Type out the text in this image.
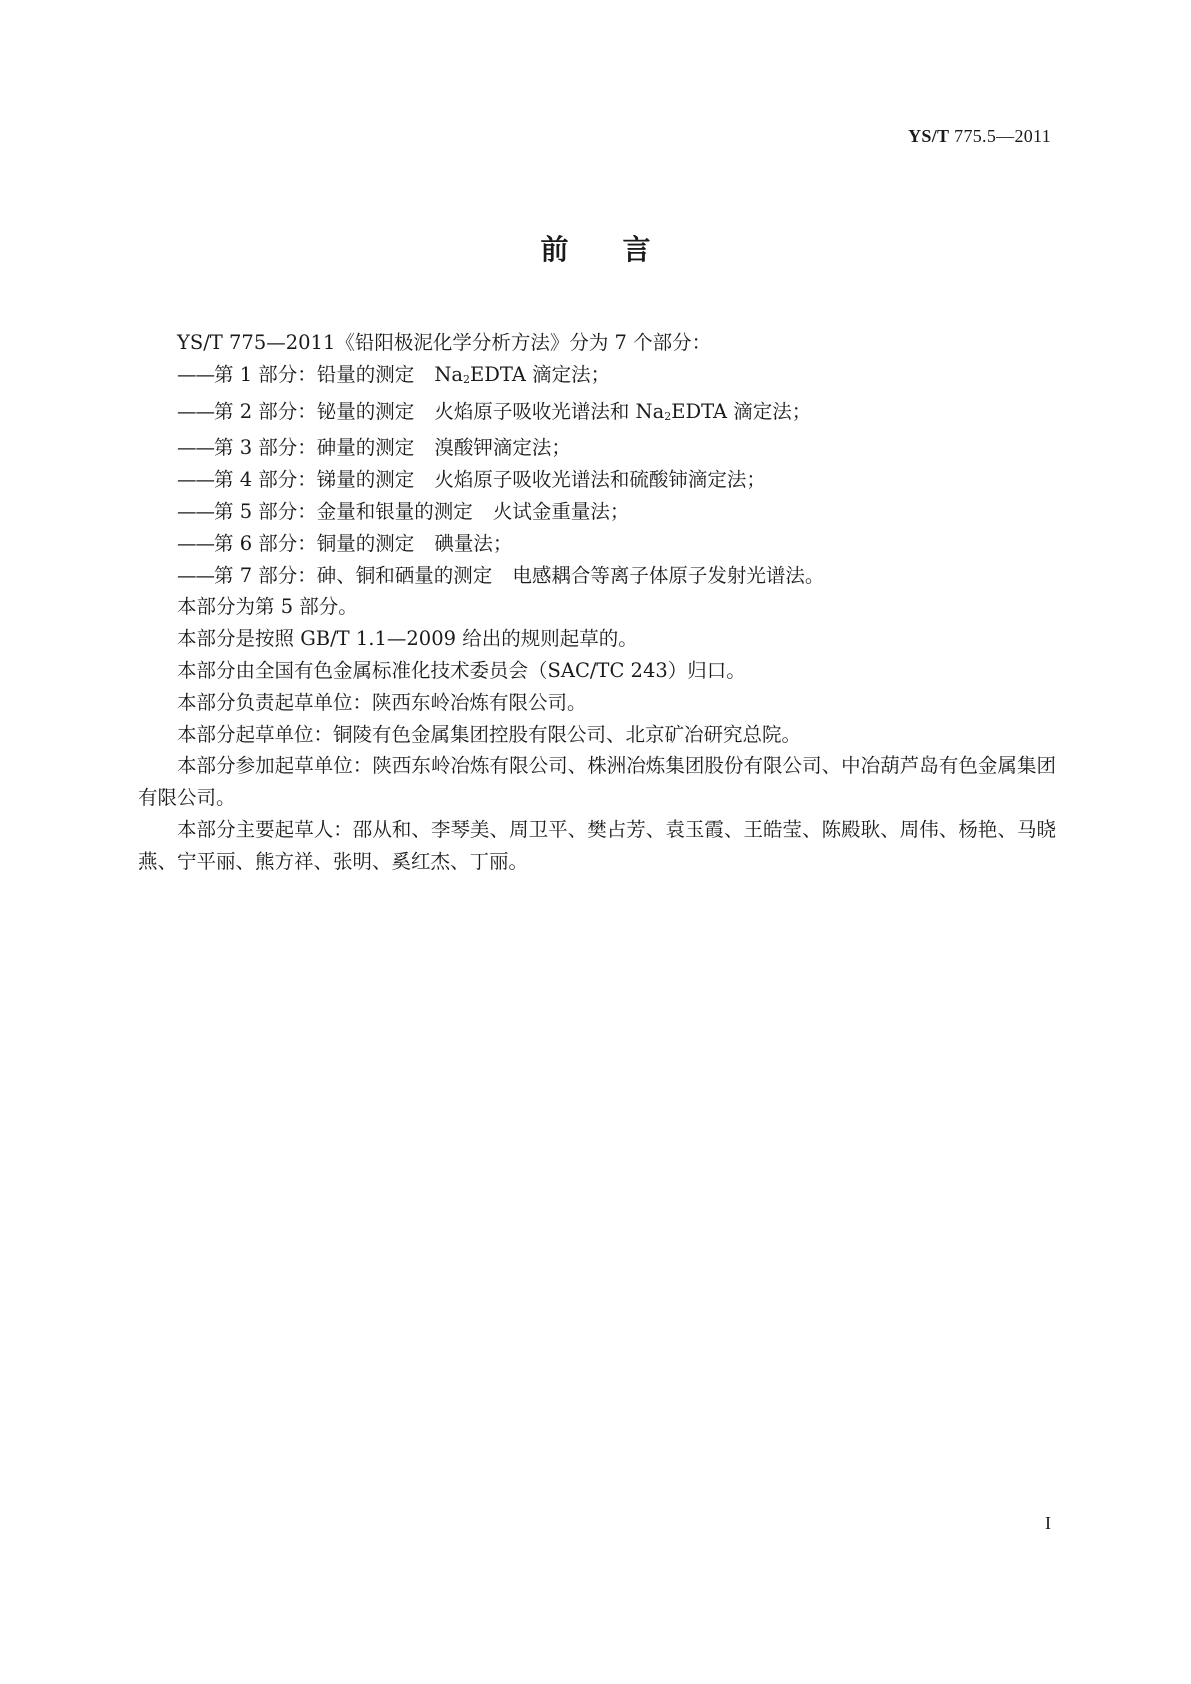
YS/T 775.5—2011
前言

YS/T 775—2011《铅阳极泥化学分析方法》分为 7 个部分：

——第 1 部分：铅量的测定 $Na_2EDTA$ 滴定法；
——第 2 部分：铋量的测定 火焰原子吸收光谱法和 $Na_2EDTA$ 滴定法；
——第 3 部分：砷量的测定 溴酸钾滴定法；
——第 4 部分：锑量的测定 火焰原子吸收光谱法和硫酸铈滴定法；
——第 5 部分：金量和银量的测定 火试金重量法；
——第 6 部分：铜量的测定 碘量法；
——第 7 部分：砷、铜和硒量的测定 电感耦合等离子体原子发射光谱法。

本部分为第 5 部分。

本部分是按照 GB/T 1.1—2009 给出的规则起草的。

本部分由全国有色金属标准化技术委员会（SAC/TC 243）归口。

本部分负责起草单位：陕西东岭冶炼有限公司。

本部分起草单位：铜陵有色金属集团控股有限公司、北京矿冶研究总院。

本部分参加起草单位：陕西东岭冶炼有限公司、株洲冶炼集团股份有限公司、中冶葫芦岛有色金属集团有限公司。

本部分主要起草人：邵从和、李琴美、周卫平、樊占芳、袁玉霞、王皓莹、陈殿耿、周伟、杨艳、马晓燕、宁平丽、熊方祥、张明、奚红杰、丁丽。

I
